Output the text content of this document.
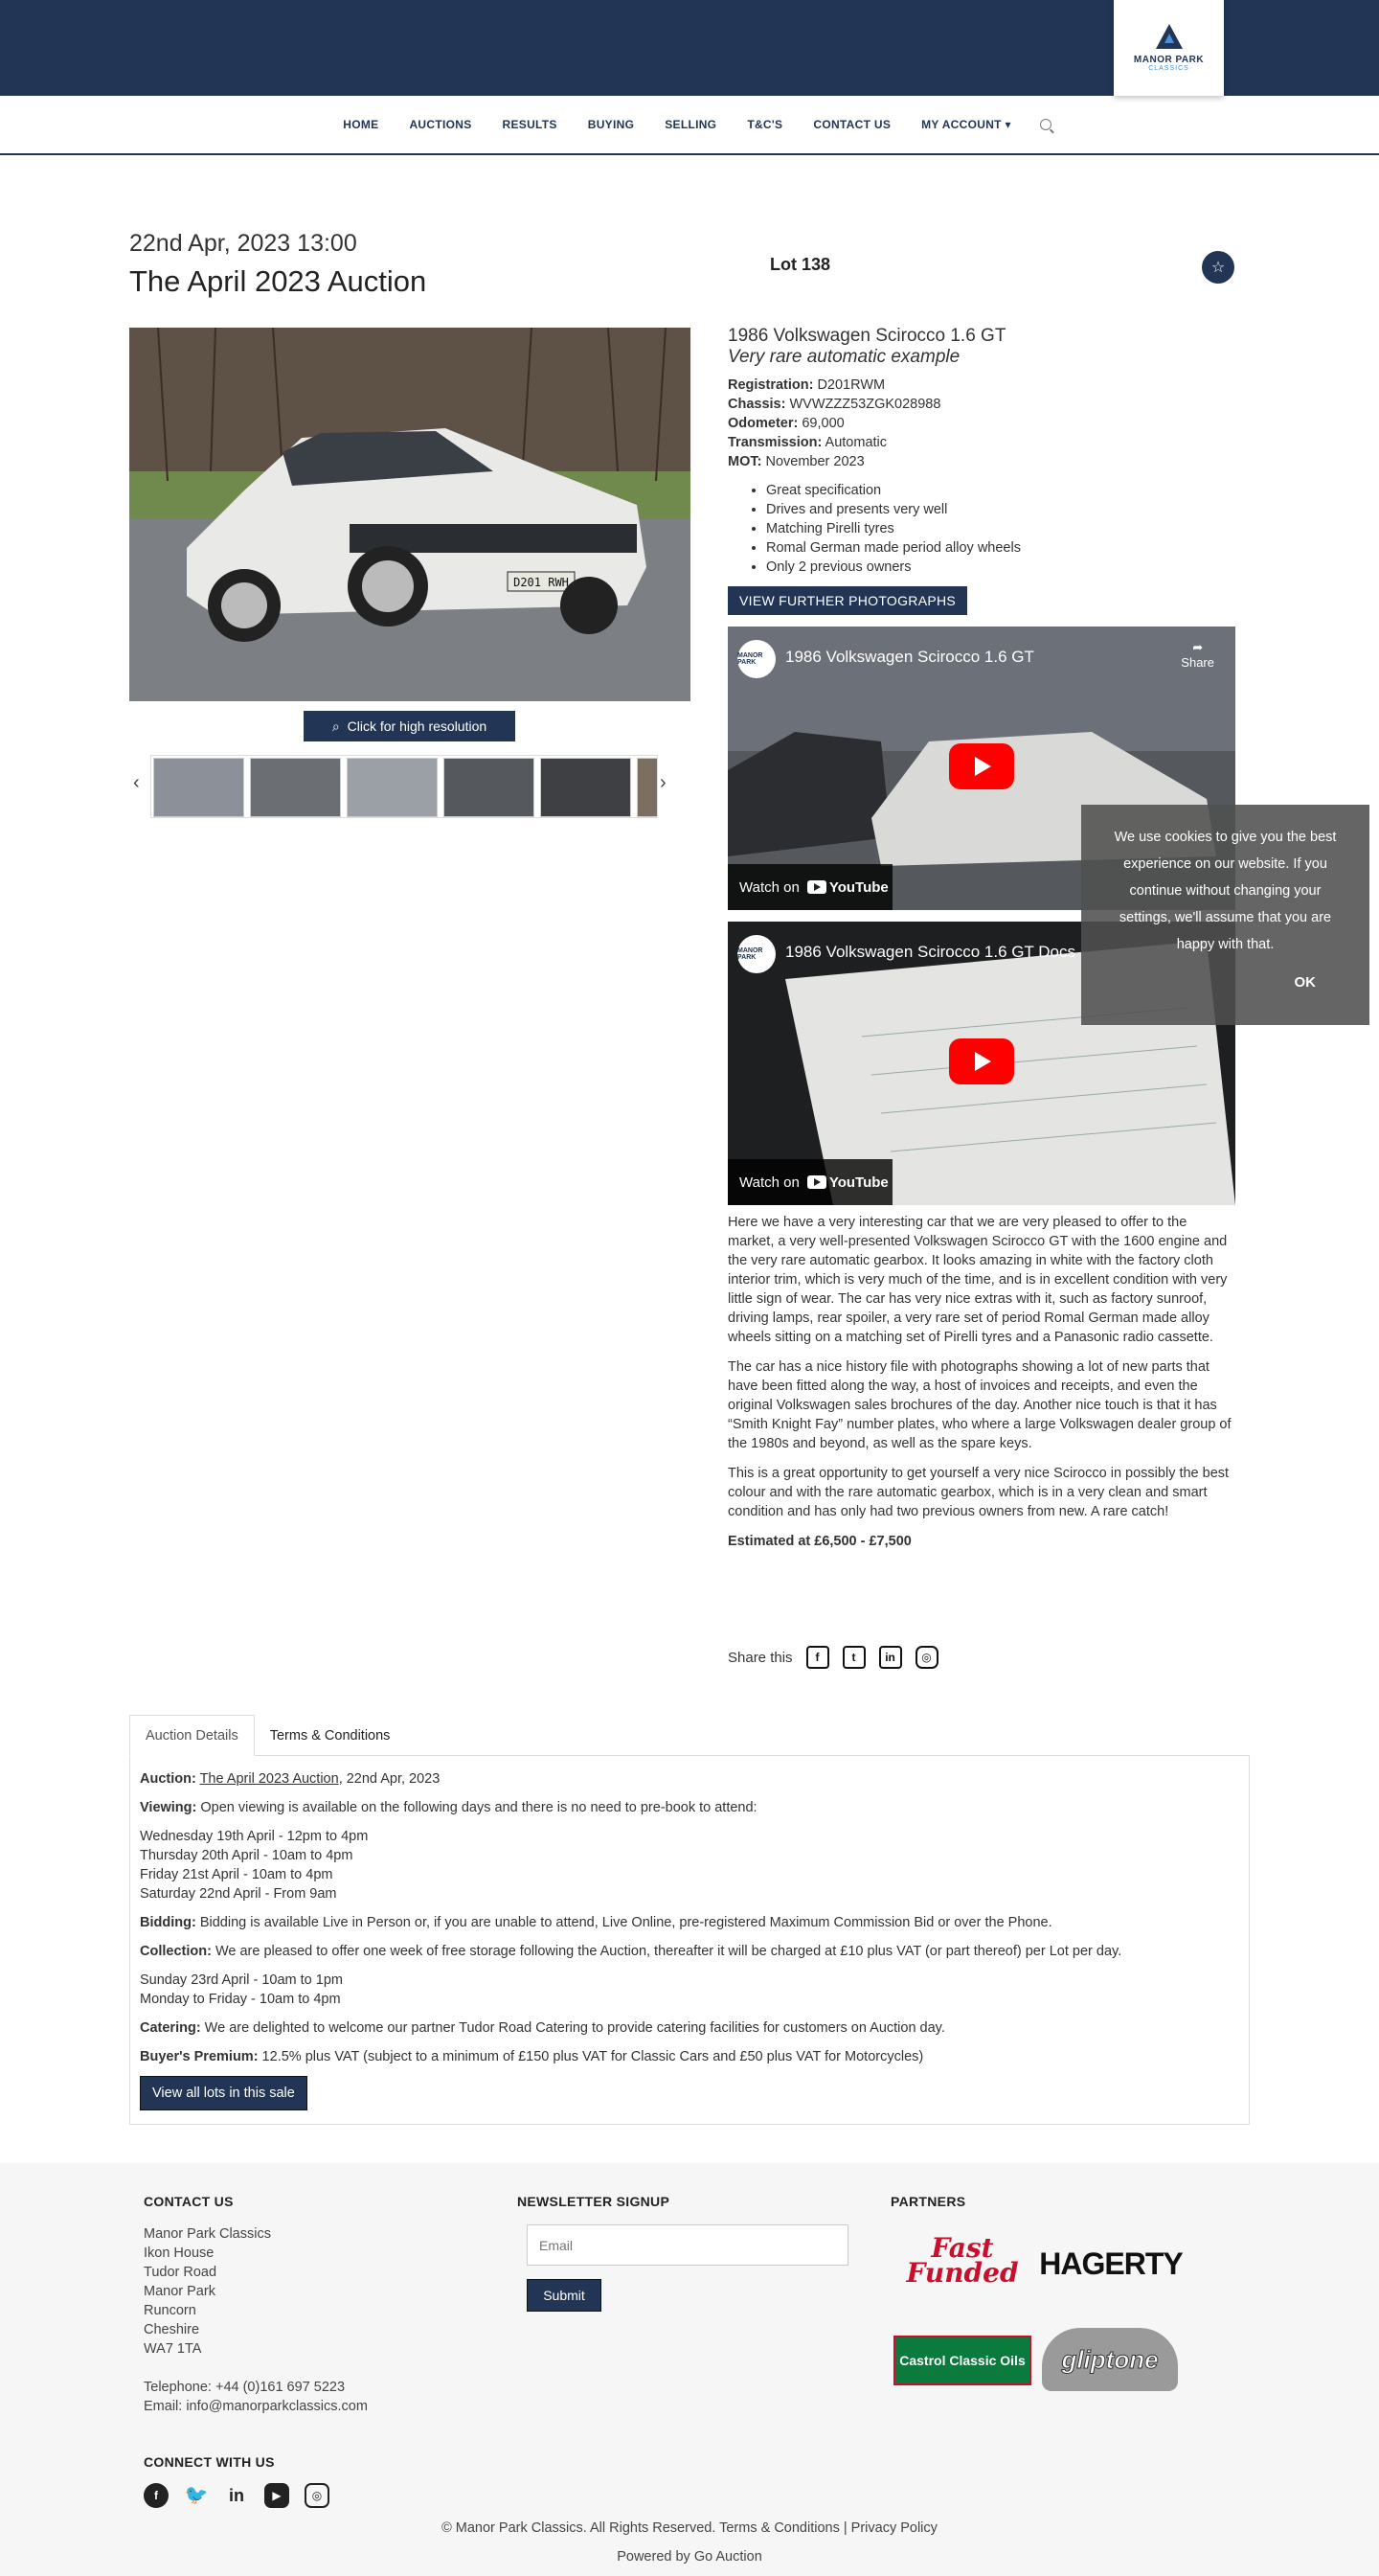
MANOR PARK
CLASSICS
HOME	AUCTIONS	RESULTS	BUYING	SELLING	T&C'S	CONTACT US	MY ACCOUNT ▾
22nd Apr, 2023 13:00
The April 2023 Auction	Lot 138	☆
D201 RWH
⌕ Click for high resolution
‹	›
1986 Volkswagen Scirocco 1.6 GT
Very rare automatic example
Registration: D201RWM
Chassis: WVWZZZ53ZGK028988
Odometer: 69,000
Transmission: Automatic
MOT: November 2023
• Great specification
• Drives and presents very well
• Matching Pirelli tyres
• Romal German made period alloy wheels
• Only 2 previous owners
VIEW FURTHER PHOTOGRAPHS
MANOR PARK	1986 Volkswagen Scirocco 1.6 GT
➦
Share
Watch on YouTube
MANOR PARK	1986 Volkswagen Scirocco 1.6 GT Docs
Watch on YouTube

Here we have a very interesting car that we are very pleased to offer to the market, a very well-presented Volkswagen Scirocco GT with the 1600 engine and the very rare automatic gearbox. It looks amazing in white with the factory cloth interior trim, which is very much of the time, and is in excellent condition with very little sign of wear. The car has very nice extras with it, such as factory sunroof, driving lamps, rear spoiler, a very rare set of period Romal German made alloy wheels sitting on a matching set of Pirelli tyres and a Panasonic radio cassette.

The car has a nice history file with photographs showing a lot of new parts that have been fitted along the way, a host of invoices and receipts, and even the original Volkswagen sales brochures of the day. Another nice touch is that it has “Smith Knight Fay” number plates, who where a large Volkswagen dealer group of the 1980s and beyond, as well as the spare keys.

This is a great opportunity to get yourself a very nice Scirocco in possibly the best colour and with the rare automatic gearbox, which is in a very clean and smart condition and has only had two previous owners from new. A rare catch!

Estimated at £6,500 - £7,500

Share this	f	t	in	◎
We use cookies to give you the best experience on our website. If you continue without changing your settings, we'll assume that you are happy with that.
OK
Auction Details	Terms & Conditions

Auction: The April 2023 Auction, 22nd Apr, 2023

Viewing: Open viewing is available on the following days and there is no need to pre-book to attend:

Wednesday 19th April - 12pm to 4pm
Thursday 20th April - 10am to 4pm
Friday 21st April - 10am to 4pm
Saturday 22nd April - From 9am

Bidding: Bidding is available Live in Person or, if you are unable to attend, Live Online, pre-registered Maximum Commission Bid or over the Phone.

Collection: We are pleased to offer one week of free storage following the Auction, thereafter it will be charged at £10 plus VAT (or part thereof) per Lot per day.

Sunday 23rd April - 10am to 1pm
Monday to Friday - 10am to 4pm

Catering: We are delighted to welcome our partner Tudor Road Catering to provide catering facilities for customers on Auction day.

Buyer's Premium: 12.5% plus VAT (subject to a minimum of £150 plus VAT for Classic Cars and £50 plus VAT for Motorcycles)

View all lots in this sale
CONTACT US
Manor Park Classics
Ikon House
Tudor Road
Manor Park
Runcorn
Cheshire
WA7 1TA
Telephone: +44 (0)161 697 5223
Email: info@manorparkclassics.com
NEWSLETTER SIGNUP
Email
Submit
PARTNERS
Fast Funded HAGERTY
Castrol Classic Oils	gliptone
CONNECT WITH US
f	🐦 in	▶	◎
© Manor Park Classics. All Rights Reserved. Terms & Conditions | Privacy Policy
Powered by Go Auction
